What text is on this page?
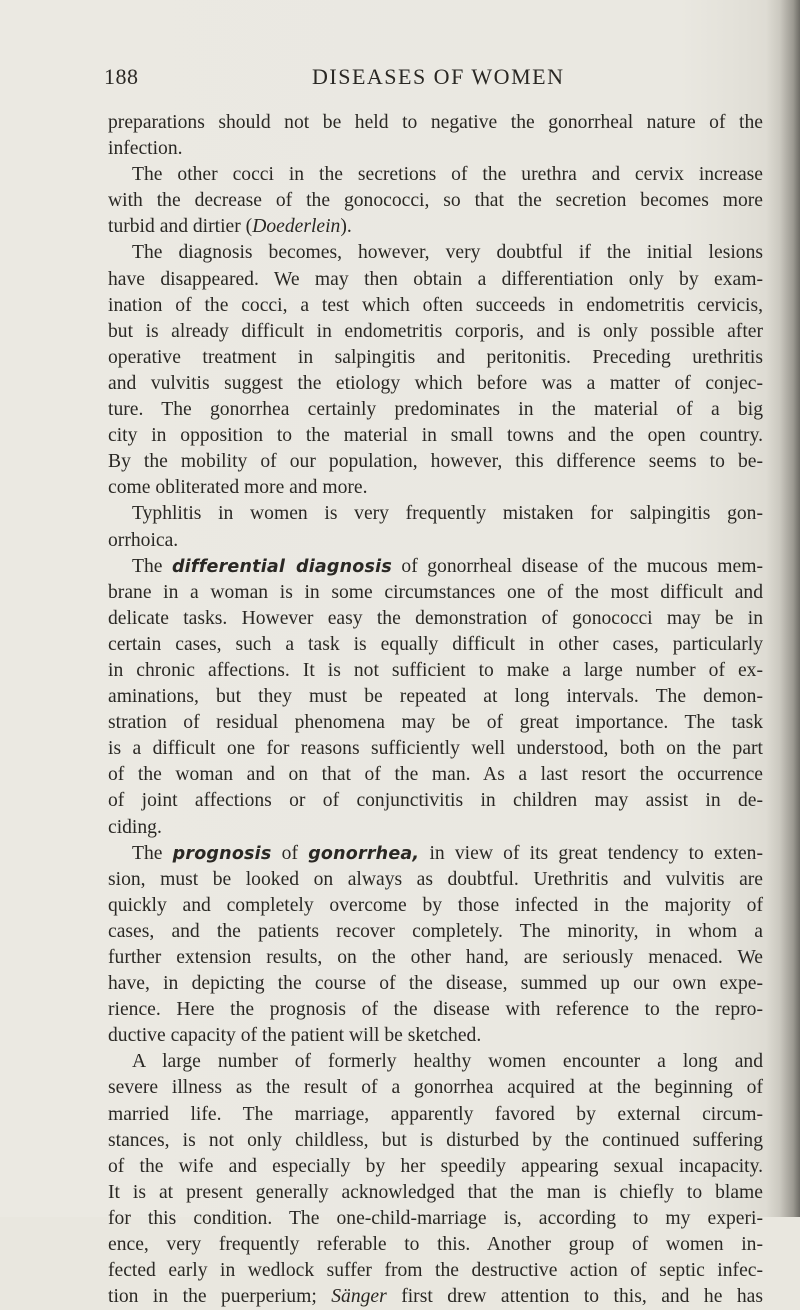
188	DISEASES OF WOMEN
preparations should not be held to negative the gonorrheal nature of the
infection.
The other cocci in the secretions of the urethra and cervix increase
with the decrease of the gonococci, so that the secretion becomes more
turbid and dirtier (Doederlein).
The diagnosis becomes, however, very doubtful if the initial lesions
have disappeared. We may then obtain a differentiation only by exam-
ination of the cocci, a test which often succeeds in endometritis cervicis,
but is already difficult in endometritis corporis, and is only possible after
operative treatment in salpingitis and peritonitis. Preceding urethritis
and vulvitis suggest the etiology which before was a matter of conjec-
ture. The gonorrhea certainly predominates in the material of a big
city in opposition to the material in small towns and the open country.
By the mobility of our population, however, this difference seems to be-
come obliterated more and more.
Typhlitis in women is very frequently mistaken for salpingitis gon-
orrhoica.
The differential diagnosis of gonorrheal disease of the mucous mem-
brane in a woman is in some circumstances one of the most difficult and
delicate tasks. However easy the demonstration of gonococci may be in
certain cases, such a task is equally difficult in other cases, particularly
in chronic affections. It is not sufficient to make a large number of ex-
aminations, but they must be repeated at long intervals. The demon-
stration of residual phenomena may be of great importance. The task
is a difficult one for reasons sufficiently well understood, both on the part
of the woman and on that of the man. As a last resort the occurrence
of joint affections or of conjunctivitis in children may assist in de-
ciding.
The prognosis of gonorrhea, in view of its great tendency to exten-
sion, must be looked on always as doubtful. Urethritis and vulvitis are
quickly and completely overcome by those infected in the majority of
cases, and the patients recover completely. The minority, in whom a
further extension results, on the other hand, are seriously menaced. We
have, in depicting the course of the disease, summed up our own expe-
rience. Here the prognosis of the disease with reference to the repro-
ductive capacity of the patient will be sketched.
A large number of formerly healthy women encounter a long and
severe illness as the result of a gonorrhea acquired at the beginning of
married life. The marriage, apparently favored by external circum-
stances, is not only childless, but is disturbed by the continued suffering
of the wife and especially by her speedily appearing sexual incapacity.
It is at present generally acknowledged that the man is chiefly to blame
for this condition. The one-child-marriage is, according to my experi-
ence, very frequently referable to this. Another group of women in-
fected early in wedlock suffer from the destructive action of septic infec-
tion in the puerperium; Sänger first drew attention to this, and he has
